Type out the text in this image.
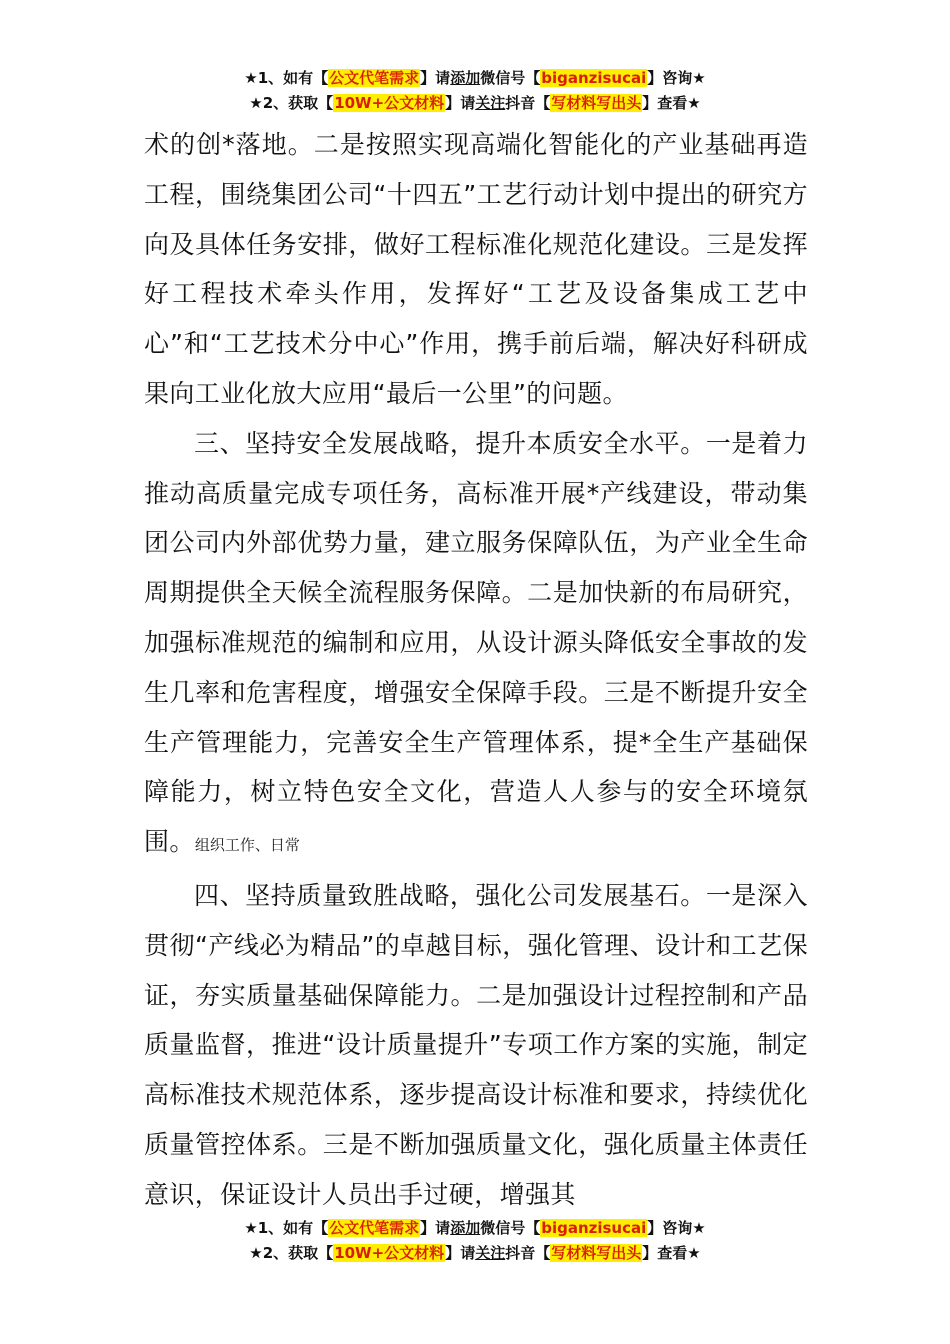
★1、如有【公文代笔需求】请添加微信号【biganzisucai】咨询★
★2、获取【10W+公文材料】请关注抖音【写材料写出头】查看★

术的创*落地。二是按照实现高端化智能化的产业基础再造工程，围绕集团公司“十四五”工艺行动计划中提出的研究方向及具体任务安排，做好工程标准化规范化建设。三是发挥好工程技术牵头作用，发挥好“工艺及设备集成工艺中心”和“工艺技术分中心”作用，携手前后端，解决好科研成果向工业化放大应用“最后一公里”的问题。

三、坚持安全发展战略，提升本质安全水平。一是着力推动高质量完成专项任务，高标准开展*产线建设，带动集团公司内外部优势力量，建立服务保障队伍，为产业全生命周期提供全天候全流程服务保障。二是加快新的布局研究，加强标准规范的编制和应用，从设计源头降低安全事故的发生几率和危害程度，增强安全保障手段。三是不断提升安全生产管理能力，完善安全生产管理体系，提*全生产基础保障能力，树立特色安全文化，营造人人参与的安全环境氛围。组织工作、日常

四、坚持质量致胜战略，强化公司发展基石。一是深入贯彻“产线必为精品”的卓越目标，强化管理、设计和工艺保证，夯实质量基础保障能力。二是加强设计过程控制和产品质量监督，推进“设计质量提升”专项工作方案的实施，制定高标准技术规范体系，逐步提高设计标准和要求，持续优化质量管控体系。三是不断加强质量文化，强化质量主体责任意识，保证设计人员出手过硬，增强其

★1、如有【公文代笔需求】请添加微信号【biganzisucai】咨询★
★2、获取【10W+公文材料】请关注抖音【写材料写出头】查看★
